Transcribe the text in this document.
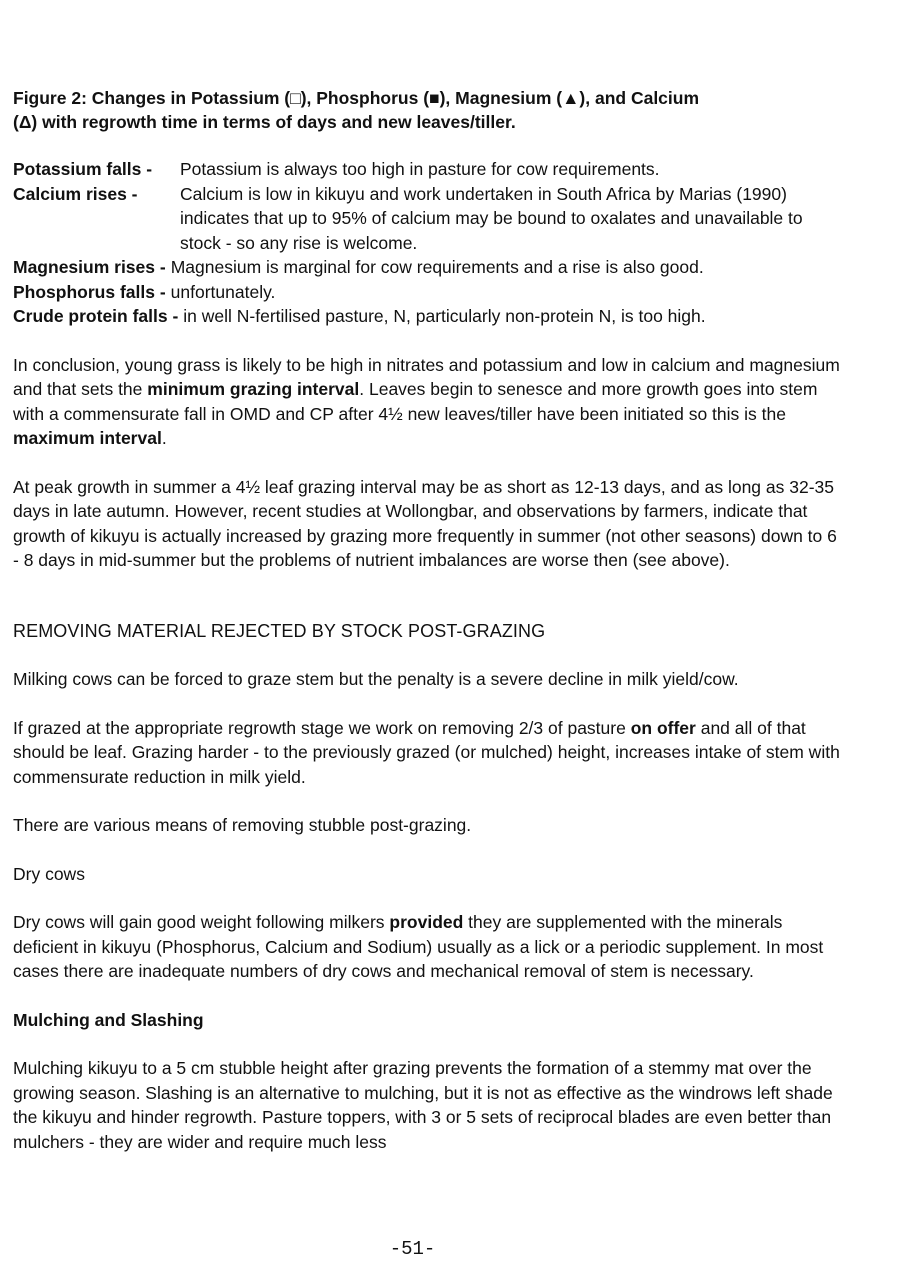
Figure 2: Changes in Potassium (□), Phosphorus (■), Magnesium (▲), and Calcium
(Δ) with regrowth time in terms of days and new leaves/tiller.
Potassium falls -	Potassium is always too high in pasture for cow requirements.
Calcium rises -	Calcium is low in kikuyu and work undertaken in South Africa by Marias (1990) indicates that up to 95% of calcium may be bound to oxalates and unavailable to stock - so any rise is welcome.
Magnesium rises - Magnesium is marginal for cow requirements and a rise is also good.
Phosphorus falls - unfortunately.
Crude protein falls - in well N-fertilised pasture, N, particularly non-protein N, is too high.

In conclusion, young grass is likely to be high in nitrates and potassium and low in calcium and magnesium and that sets the minimum grazing interval. Leaves begin to senesce and more growth goes into stem with a commensurate fall in OMD and CP after 4½ new leaves/tiller have been initiated so this is the maximum interval.

At peak growth in summer a 4½ leaf grazing interval may be as short as 12-13 days, and as long as 32-35 days in late autumn. However, recent studies at Wollongbar, and observations by farmers, indicate that growth of kikuyu is actually increased by grazing more frequently in summer (not other seasons) down to 6 - 8 days in mid-summer but the problems of nutrient imbalances are worse then (see above).

REMOVING MATERIAL REJECTED BY STOCK POST-GRAZING

Milking cows can be forced to graze stem but the penalty is a severe decline in milk yield/cow.

If grazed at the appropriate regrowth stage we work on removing 2/3 of pasture on offer and all of that should be leaf. Grazing harder - to the previously grazed (or mulched) height, increases intake of stem with commensurate reduction in milk yield.

There are various means of removing stubble post-grazing.

Dry cows

Dry cows will gain good weight following milkers provided they are supplemented with the minerals deficient in kikuyu (Phosphorus, Calcium and Sodium) usually as a lick or a periodic supplement. In most cases there are inadequate numbers of dry cows and mechanical removal of stem is necessary.

Mulching and Slashing

Mulching kikuyu to a 5 cm stubble height after grazing prevents the formation of a stemmy mat over the growing season. Slashing is an alternative to mulching, but it is not as effective as the windrows left shade the kikuyu and hinder regrowth. Pasture toppers, with 3 or 5 sets of reciprocal blades are even better than mulchers - they are wider and require much less

-51-
